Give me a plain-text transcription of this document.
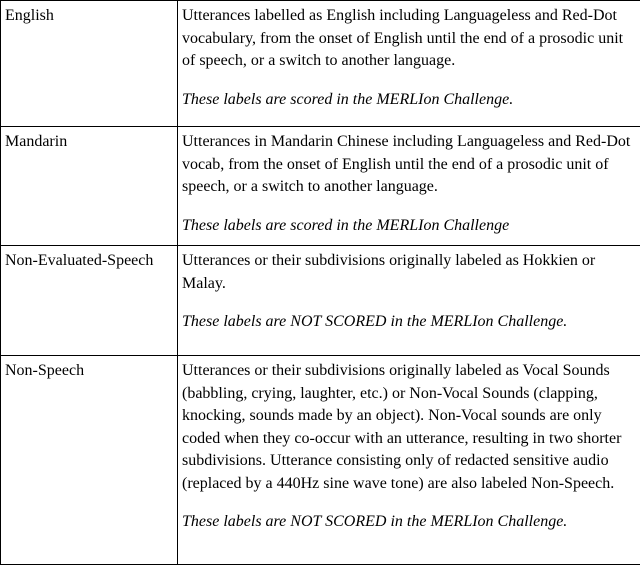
English	Utterances labelled as English including Languageless and Red-Dot vocabulary, from the onset of English until the end of a prosodic unit of speech, or a switch to another language.

These labels are scored in the MERLIon Challenge.

Mandarin	Utterances in Mandarin Chinese including Languageless and Red-Dot vocab, from the onset of English until the end of a prosodic unit of speech, or a switch to another language.

These labels are scored in the MERLIon Challenge

Non-Evaluated-Speech	Utterances or their subdivisions originally labeled as Hokkien or Malay.

These labels are NOT SCORED in the MERLIon Challenge.

Non-Speech	Utterances or their subdivisions originally labeled as Vocal Sounds (babbling, crying, laughter, etc.) or Non-Vocal Sounds (clapping, knocking, sounds made by an object). Non-Vocal sounds are only coded when they co-occur with an utterance, resulting in two shorter subdivisions. Utterance consisting only of redacted sensitive audio (replaced by a 440Hz sine wave tone) are also labeled Non-Speech.

These labels are NOT SCORED in the MERLIon Challenge.
